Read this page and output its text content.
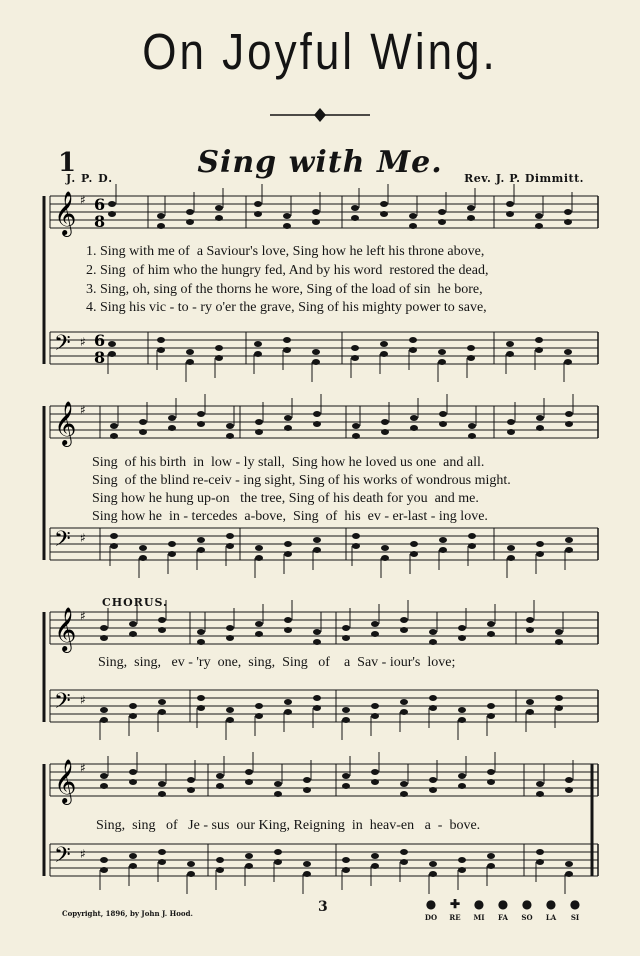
On Joyful Wing.
1	Sing with Me.
J. P. D.	Rev. J. P. Dimmitt.
𝄞 ♯ 6
8
𝄢 ♯ 6
8
𝄞 ♯
𝄢 ♯
𝄞 ♯
𝄢 ♯
𝄞 ♯
𝄢 ♯
1. Sing with me of  a Saviour's love, Sing how he left his throne above,
2. Sing  of him who the hungry fed, And by his word  restored the dead,
3. Sing, oh, sing of the thorns he wore, Sing of the load of sin  he bore,
4. Sing his vic - to - ry o'er the grave, Sing of his mighty power to save,
Sing  of his birth  in  low - ly stall,  Sing how he loved us one  and all.
Sing  of the blind re-ceiv - ing sight, Sing of his works of wondrous might.
Sing how he hung up-on   the tree, Sing of his death for you  and me.
Sing how he  in - tercedes  a-bove,  Sing  of  his  ev - er-last - ing love.
CHORUS.
Sing,  sing,   ev - 'ry  one,  sing,  Sing   of    a  Sav - iour's  love;
Sing,  sing   of   Je - sus  our King, Reigning  in  heav-en   a  -  bove.
Copyright, 1896, by John J. Hood.	3	●
DO
✚
RE
●
MI
●
FA
●
SO
●
LA
●
SI
